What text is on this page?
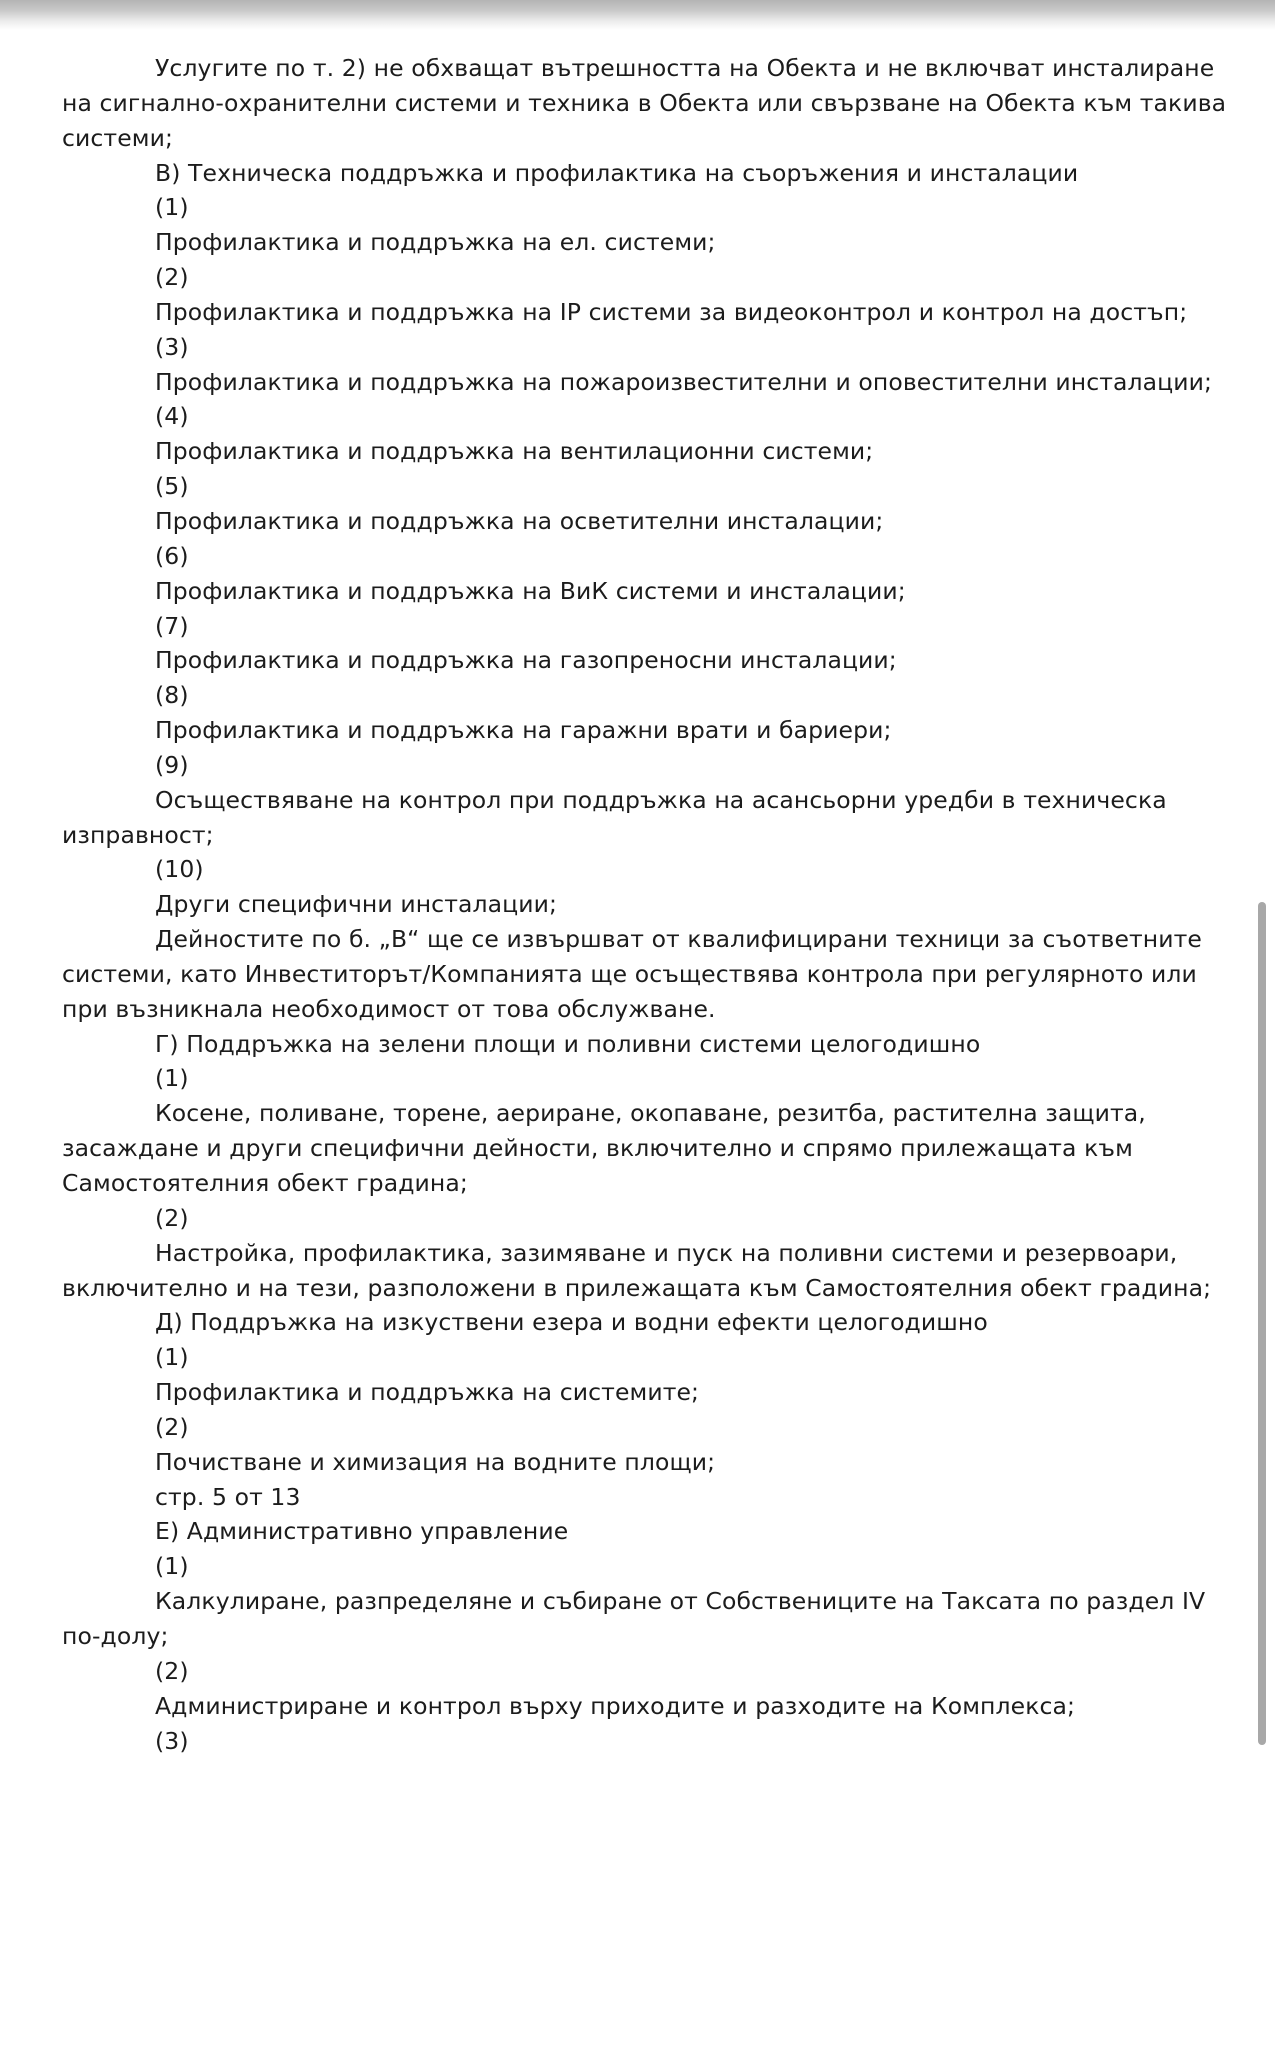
Услугите по т. 2) не обхващат вътрешността на Обекта и не включват инсталиране на сигнално-охранителни системи и техника в Обекта или свързване на Обекта към такива системи;

В) Техническа поддръжка и профилактика на съоръжения и инсталации

(1)

Профилактика и поддръжка на ел. системи;

(2)

Профилактика и поддръжка на IP системи за видеоконтрол и контрол на достъп;

(3)

Профилактика и поддръжка на пожароизвестителни и оповестителни инсталации;

(4)

Профилактика и поддръжка на вентилационни системи;

(5)

Профилактика и поддръжка на осветителни инсталации;

(6)

Профилактика и поддръжка на ВиК системи и инсталации;

(7)

Профилактика и поддръжка на газопреносни инсталации;

(8)

Профилактика и поддръжка на гаражни врати и бариери;

(9)

Осъществяване на контрол при поддръжка на асансьорни уредби в техническа изправност;

(10)

Други специфични инсталации;

Дейностите по б. „В“ ще се извършват от квалифицирани техници за съответните системи, като Инвеститорът/Компанията ще осъществява контрола при регулярното или при възникнала необходимост от това обслужване.

Г) Поддръжка на зелени площи и поливни системи целогодишно

(1)

Косене, поливане, торене, аериране, окопаване, резитба, растителна защита, засаждане и други специфични дейности, включително и спрямо прилежащата към Самостоятелния обект градина;

(2)

Настройка, профилактика, зазимяване и пуск на поливни системи и резервоари, включително и на тези, разположени в прилежащата към Самостоятелния обект градина;

Д) Поддръжка на изкуствени езера и водни ефекти целогодишно

(1)

Профилактика и поддръжка на системите;

(2)

Почистване и химизация на водните площи;

стр. 5 от 13

Е) Административно управление

(1)

Калкулиране, разпределяне и събиране от Собствениците на Таксата по раздел IV по-долу;

(2)

Администриране и контрол върху приходите и разходите на Комплекса;

(3)
